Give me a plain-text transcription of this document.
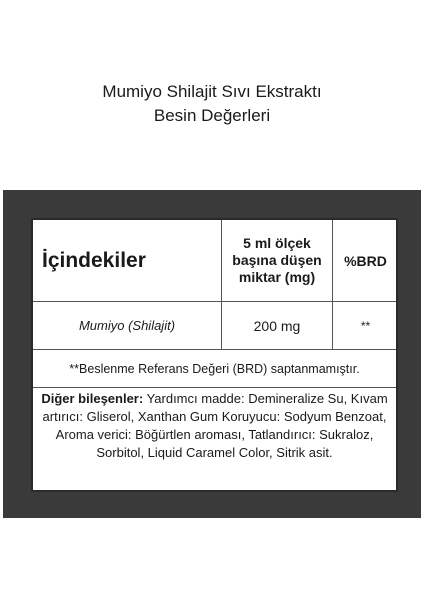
Mumiyo Shilajit Sıvı Ekstraktı
Besin Değerleri
İçindekiler
5 ml ölçek
başına düşen
miktar (mg)
%BRD
Mumiyo (Shilajit)	200 mg	**
**Beslenme Referans Değeri (BRD) saptanmamıştır.
Diğer bileşenler: Yardımcı madde: Demineralize Su, Kıvam artırıcı: Gliserol, Xanthan Gum Koruyucu: Sodyum Benzoat, Aroma verici: Böğürtlen aroması, Tatlandırıcı: Sukraloz, Sorbitol, Liquid Caramel Color, Sitrik asit.
